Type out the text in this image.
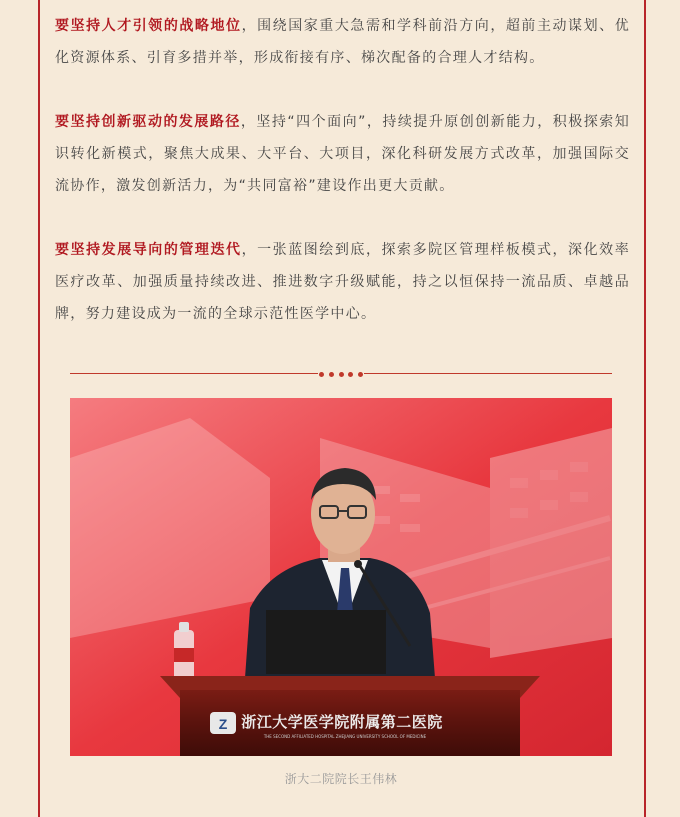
要坚持人才引领的战略地位，围绕国家重大急需和学科前沿方向，超前主动谋划、优化资源体系、引育多措并举，形成衔接有序、梯次配备的合理人才结构。

要坚持创新驱动的发展路径，坚持“四个面向”，持续提升原创创新能力，积极探索知识转化新模式，聚焦大成果、大平台、大项目，深化科研发展方式改革，加强国际交流协作，激发创新活力，为“共同富裕”建设作出更大贡献。

要坚持发展导向的管理迭代，一张蓝图绘到底，探索多院区管理样板模式，深化效率医疗改革、加强质量持续改进、推进数字升级赋能，持之以恒保持一流品质、卓越品牌，努力建设成为一流的全球示范性医学中心。

Z 浙江大学医学院附属第二医院
THE SECOND AFFILIATED HOSPITAL ZHEJIANG UNIVERSITY SCHOOL OF MEDICINE
浙大二院院长王伟林
